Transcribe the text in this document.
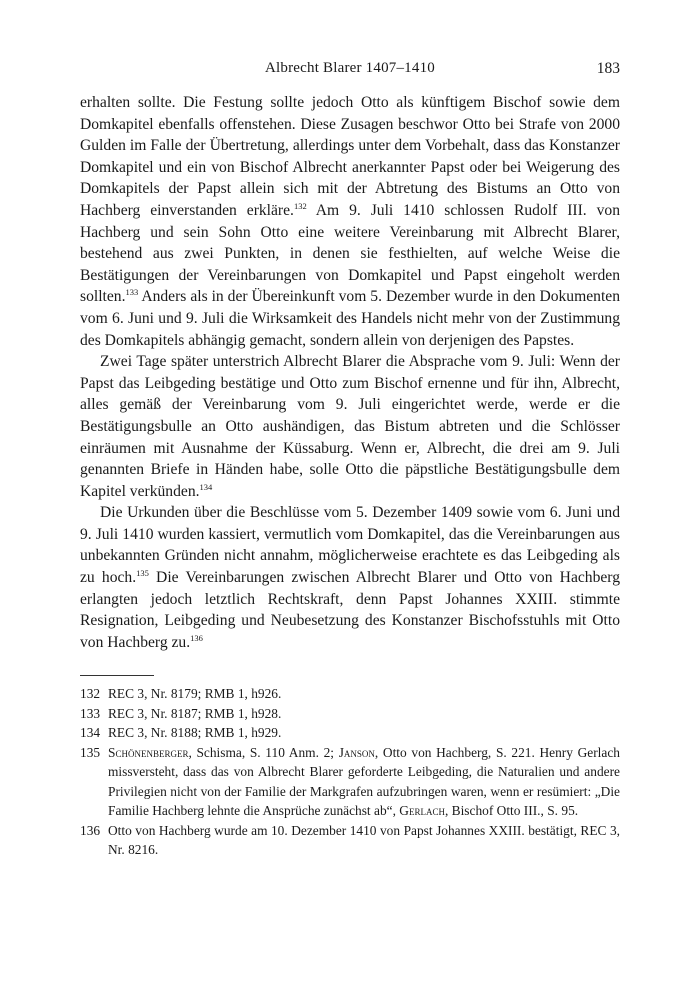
Albrecht Blarer 1407–1410	183

erhalten sollte. Die Festung sollte jedoch Otto als künftigem Bischof sowie dem Domkapitel ebenfalls offenstehen. Diese Zusagen beschwor Otto bei Strafe von 2000 Gulden im Falle der Übertretung, allerdings unter dem Vorbehalt, dass das Konstanzer Domkapitel und ein von Bischof Albrecht anerkannter Papst oder bei Weigerung des Domkapitels der Papst allein sich mit der Abtretung des Bistums an Otto von Hachberg einverstanden erkläre.$^{132}$ Am 9. Juli 1410 schlossen Rudolf III. von Hachberg und sein Sohn Otto eine weitere Vereinbarung mit Albrecht Blarer, bestehend aus zwei Punkten, in denen sie festhielten, auf welche Weise die Bestätigungen der Vereinbarungen von Domkapitel und Papst eingeholt werden sollten.$^{133}$ Anders als in der Übereinkunft vom 5. Dezember wurde in den Dokumenten vom 6. Juni und 9. Juli die Wirksamkeit des Handels nicht mehr von der Zustimmung des Domkapitels abhängig gemacht, sondern allein von derjenigen des Papstes.

Zwei Tage später unterstrich Albrecht Blarer die Absprache vom 9. Juli: Wenn der Papst das Leibgeding bestätige und Otto zum Bischof ernenne und für ihn, Albrecht, alles gemäß der Vereinbarung vom 9. Juli eingerichtet werde, werde er die Bestätigungsbulle an Otto aushändigen, das Bistum abtreten und die Schlösser einräumen mit Ausnahme der Küssaburg. Wenn er, Albrecht, die drei am 9. Juli genannten Briefe in Händen habe, solle Otto die päpstliche Bestätigungsbulle dem Kapitel verkünden.$^{134}$

Die Urkunden über die Beschlüsse vom 5. Dezember 1409 sowie vom 6. Juni und 9. Juli 1410 wurden kassiert, vermutlich vom Domkapitel, das die Vereinbarungen aus unbekannten Gründen nicht annahm, möglicherweise erachtete es das Leibgeding als zu hoch.$^{135}$ Die Vereinbarungen zwischen Albrecht Blarer und Otto von Hachberg erlangten jedoch letztlich Rechtskraft, denn Papst Johannes XXIII. stimmte Resignation, Leibgeding und Neubesetzung des Konstanzer Bischofsstuhls mit Otto von Hachberg zu.$^{136}$

132 REC 3, Nr. 8179; RMB 1, h926.
133 REC 3, Nr. 8187; RMB 1, h928.
134 REC 3, Nr. 8188; RMB 1, h929.
135 Schönenberger, Schisma, S. 110 Anm. 2; Janson, Otto von Hachberg, S. 221. Henry Gerlach missversteht, dass das von Albrecht Blarer geforderte Leibgeding, die Naturalien und andere Privilegien nicht von der Familie der Markgrafen aufzubringen waren, wenn er resümiert: „Die Familie Hachberg lehnte die Ansprüche zunächst ab“, Gerlach, Bischof Otto III., S. 95.
136 Otto von Hachberg wurde am 10. Dezember 1410 von Papst Johannes XXIII. bestätigt, REC 3, Nr. 8216.
